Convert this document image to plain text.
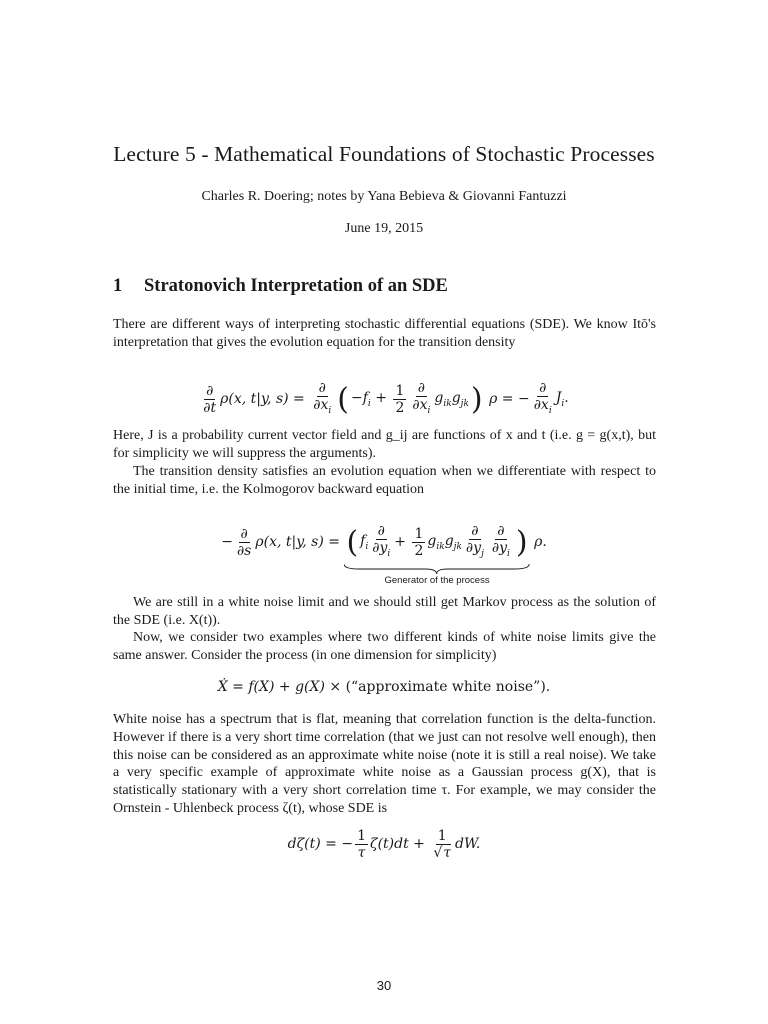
Lecture 5 - Mathematical Foundations of Stochastic Processes
Charles R. Doering; notes by Yana Bebieva & Giovanni Fantuzzi
June 19, 2015
1 Stratonovich Interpretation of an SDE

There are different ways of interpreting stochastic differential equations (SDE). We know Itō's interpretation that gives the evolution equation for the transition density

$\frac{\partial}{\partial t} \rho(x$, t|y, $s) = \frac{\partial}{\partial x_i}$ ( $-f_i + \frac{1}{2} \frac{\partial}{\partial x_i} g_{ik}g_{jk}$ ) ρ = − $\frac{\partial}{\partial x_i} J_i$.

Here, J is a probability current vector field and g_ij are functions of x and t (i.e. g = g(x,t), but for simplicity we will suppress the arguments).

The transition density satisfies an evolution equation when we differentiate with respect to the initial time, i.e. the Kolmogorov backward equation

− $\frac{\partial}{\partial s} \rho(x$, t|y, s) = ( $f_i \frac{\partial}{\partial y_i} + \frac{1}{2} g_{ik}g_{jk} \frac{\partial}{\partial y_j} \frac{\partial}{\partial y_i}$ )
Generator of the process
ρ.

We are still in a white noise limit and we should still get Markov process as the solution of the SDE (i.e. X(t)).

Now, we consider two examples where two different kinds of white noise limits give the same answer. Consider the process (in one dimension for simplicity)

Ẋ = f(X) + g(X) × (“approximate white noise”).

White noise has a spectrum that is flat, meaning that correlation function is the delta-function. However if there is a very short time correlation (that we just can not resolve well enough), then this noise can be considered as an approximate white noise (note it is still a real noise). We take a very specific example of approximate white noise as a Gaussian process g(X), that is statistically stationary with a very short correlation time τ. For example, we may consider the Ornstein - Uhlenbeck process ζ(t), whose SDE is

dζ(t) = − $\frac{1}{\tau} \zeta(t)dt + \frac{1}{√\tau}$ dW.
30
